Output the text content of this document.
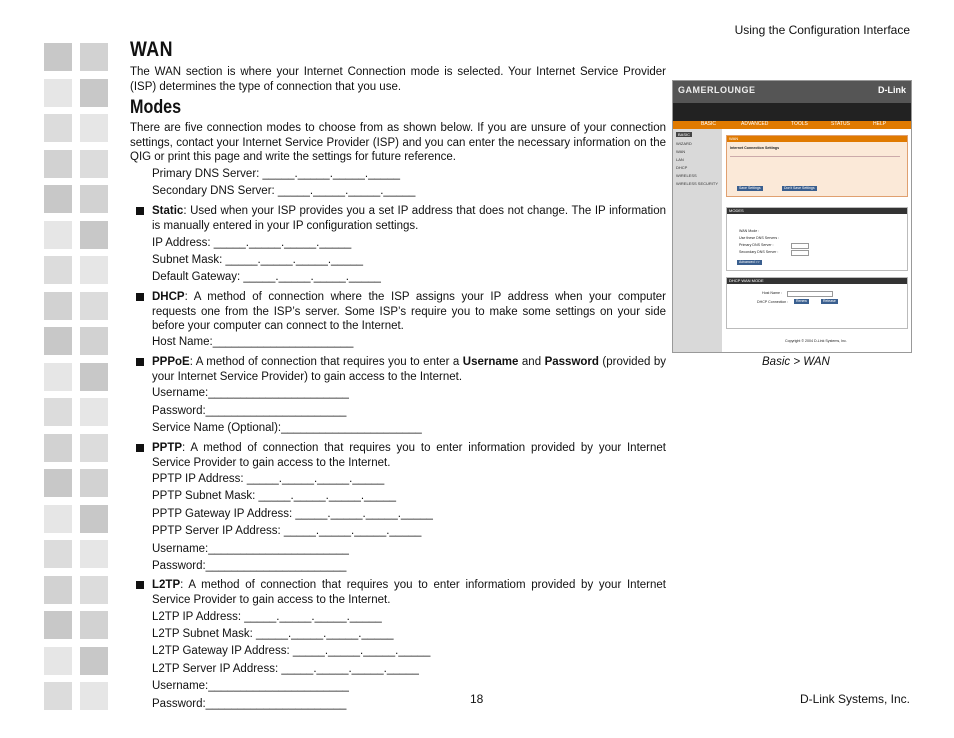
Using the Configuration Interface
WAN
The WAN section is where your Internet Connection mode is selected. Your Internet Service Provider (ISP) determines the type of connection that you use.
Modes
There are five connection modes to choose from as shown below. If you are unsure of your connection settings, contact your Internet Service Provider (ISP) and you can enter the necessary information on the QIG or print this page and write the settings for future reference.
Primary DNS Server: _____._____._____._____
Secondary DNS Server: _____._____._____._____
Static: Used when your ISP provides you a set IP address that does not change. The IP information is manually entered in your IP configuration settings.
IP Address: _____._____._____._____
Subnet Mask: _____._____._____._____
Default Gateway: _____._____._____._____
DHCP: A method of connection where the ISP assigns your IP address when your computer requests one from the ISP’s server. Some ISP’s require you to make some settings on your side before your computer can connect to the Internet.
Host Name:______________________
PPPoE: A method of connection that requires you to enter a Username and Password (provided by your Internet Service Provider) to gain access to the Internet.
Username:______________________
Password:______________________
Service Name (Optional):______________________
PPTP: A method of connection that requires you to enter information provided by your Internet Service Provider to gain access to the Internet.
PPTP IP Address: _____._____._____._____
PPTP Subnet Mask: _____._____._____._____
PPTP Gateway IP Address: _____._____._____._____
PPTP Server IP Address: _____._____._____._____
Username:______________________
Password:______________________
L2TP: A method of connection that requires you to enter informatiom provided by your Internet Service Provider to gain access to the Internet.
L2TP IP Address: _____._____._____._____
L2TP Subnet Mask: _____._____._____._____
L2TP Gateway IP Address: _____._____._____._____
L2TP Server IP Address: _____._____._____._____
Username:______________________
Password:______________________
GAMERLOUNGE	D-Link
BASIC	ADVANCED	TOOLS	STATUS	HELP
BASIC
WIZARD
WAN
LAN
DHCP
WIRELESS
WIRELESS SECURITY
WAN
Internet Connection Settings
Save Settings	Don't Save Settings
MODES
WAN Mode :
Use these DNS Servers :
Primary DNS Server :
Secondary DNS Server :
Advanced >>
DHCP WAN MODE
Host Name :
DHCP Connection :	Renew	Release
Copyright © 2004 D-Link Systems, Inc.
Basic > WAN
18	D-Link Systems, Inc.
